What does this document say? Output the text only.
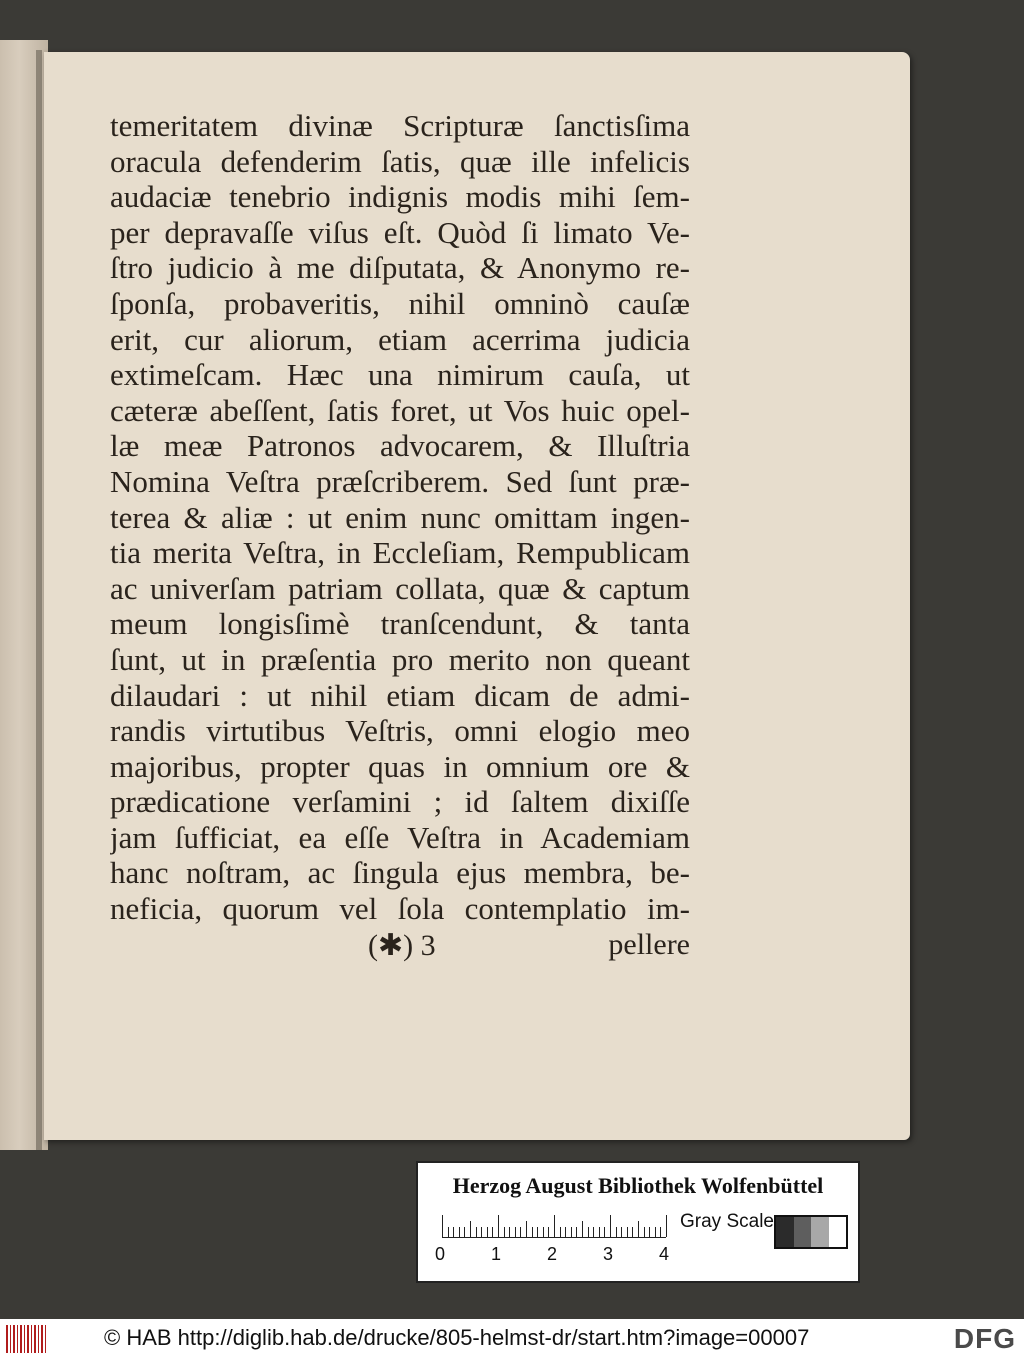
temeritatem divinæ Scripturæ ſanctisſima
oracula defenderim ſatis, quæ ille infelicis
audaciæ tenebrio indignis modis mihi ſem-
per depravaſſe viſus eſt. Quòd ſi limato Ve-
ſtro judicio à me diſputata, & Anonymo re-
ſponſa, probaveritis, nihil omninò cauſæ
erit, cur aliorum, etiam acerrima judicia
extimeſcam. Hæc una nimirum cauſa, ut
cæteræ abeſſent, ſatis foret, ut Vos huic opel-
læ meæ Patronos advocarem, & Illuſtria
Nomina Veſtra præſcriberem. Sed ſunt præ-
terea & aliæ : ut enim nunc omittam ingen-
tia merita Veſtra, in Eccleſiam, Rempublicam
ac univerſam patriam collata, quæ & captum
meum longisſimè tranſcendunt, & tanta
ſunt, ut in præſentia pro merito non queant
dilaudari : ut nihil etiam dicam de admi-
randis virtutibus Veſtris, omni elogio meo
majoribus, propter quas in omnium ore &
prædicatione verſamini ; id ſaltem dixiſſe
jam ſufficiat, ea eſſe Veſtra in Academiam
hanc noſtram, ac ſingula ejus membra, be-
neficia, quorum vel ſola contemplatio im-
(✱) 3	pellere
Herzog August Bibliothek Wolfenbüttel
Gray Scale
0	1	2	3	4
© HAB http://diglib.hab.de/drucke/805-helmst-dr/start.htm?image=00007	DFG
